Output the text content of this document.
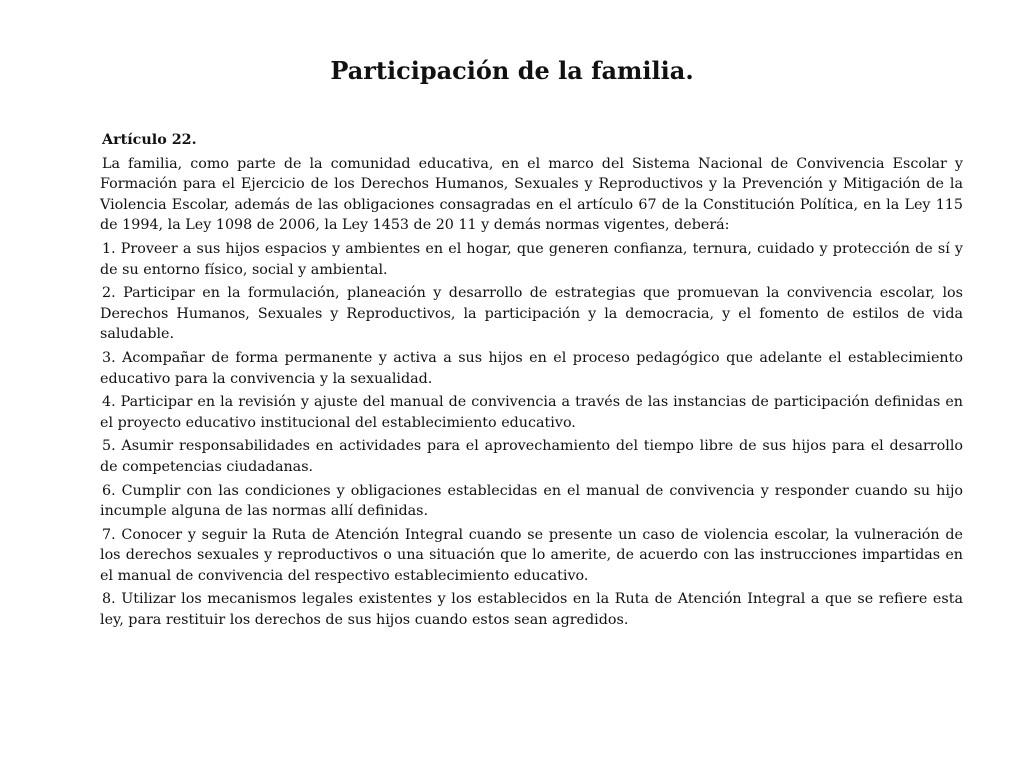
Participación de la familia.
Artículo 22.

La familia, como parte de la comunidad educativa, en el marco del Sistema Nacional de Convivencia Escolar y Formación para el Ejercicio de los Derechos Humanos, Sexuales y Reproductivos y la Prevención y Mitigación de la Violencia Escolar, además de las obligaciones consagradas en el artículo 67 de la Constitución Política, en la Ley 115 de 1994, la Ley 1098 de 2006, la Ley 1453 de 20 11 y demás normas vigentes, deberá:

1. Proveer a sus hijos espacios y ambientes en el hogar, que generen confianza, ternura, cuidado y protección de sí y de su entorno físico, social y ambiental.

2. Participar en la formulación, planeación y desarrollo de estrategias que promuevan la convivencia escolar, los Derechos Humanos, Sexuales y Reproductivos, la participación y la democracia, y el fomento de estilos de vida saludable.

3. Acompañar de forma permanente y activa a sus hijos en el proceso pedagógico que adelante el establecimiento educativo para la convivencia y la sexualidad.

4. Participar en la revisión y ajuste del manual de convivencia a través de las instancias de participación definidas en el proyecto educativo institucional del establecimiento educativo.

5. Asumir responsabilidades en actividades para el aprovechamiento del tiempo libre de sus hijos para el desarrollo de competencias ciudadanas.

6. Cumplir con las condiciones y obligaciones establecidas en el manual de convivencia y responder cuando su hijo incumple alguna de las normas allí definidas.

7. Conocer y seguir la Ruta de Atención Integral cuando se presente un caso de violencia escolar, la vulneración de los derechos sexuales y reproductivos o una situación que lo amerite, de acuerdo con las instrucciones impartidas en el manual de convivencia del respectivo establecimiento educativo.

8. Utilizar los mecanismos legales existentes y los establecidos en la Ruta de Atención Integral a que se refiere esta ley, para restituir los derechos de sus hijos cuando estos sean agredidos.
